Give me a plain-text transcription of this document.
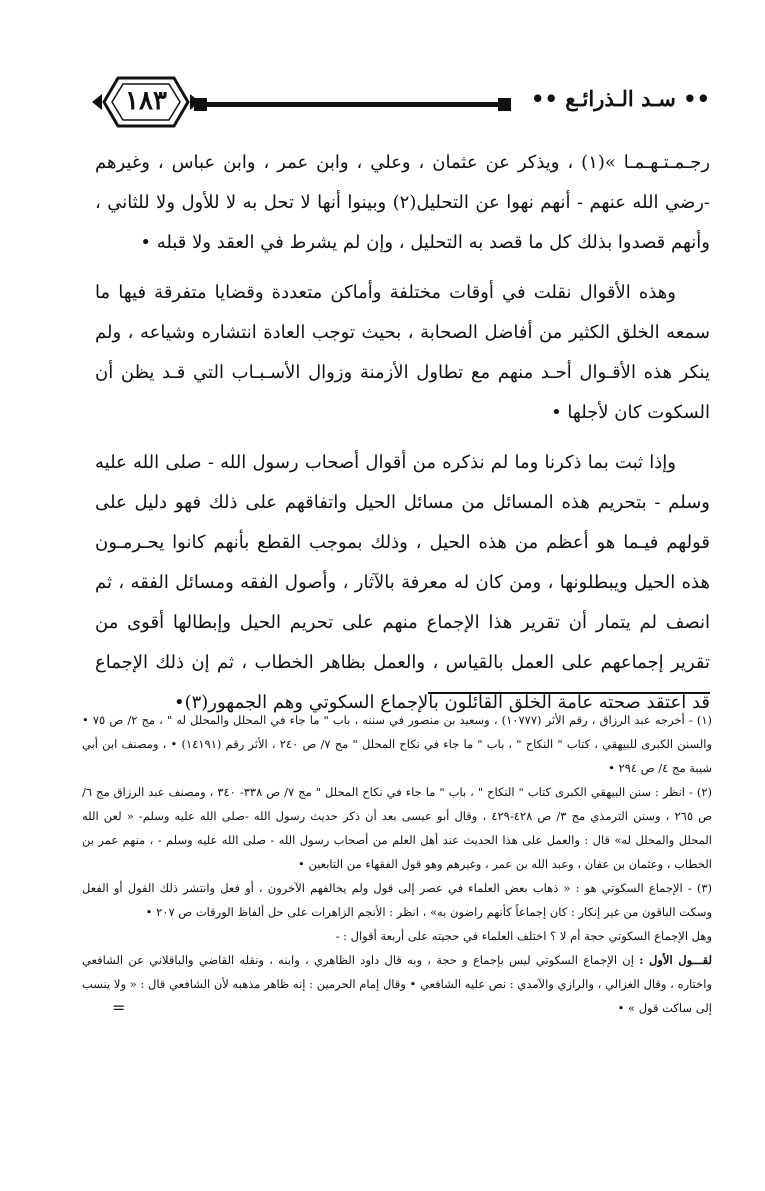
•• سـد الـذرائـع ••
١٨٣

رجـمـتـهـمـا »(١) ، ويذكر عن عثمان ، وعلي ، وابن عمر ، وابن عباس ، وغيرهم -رضي الله عنهم - أنهم نهوا عن التحليل(٢) وبينوا أنها لا تحل به لا للأول ولا للثاني ، وأنهم قصدوا بذلك كل ما قصد به التحليل ، وإن لم يشرط في العقد ولا قبله •

وهذه الأقوال نقلت في أوقات مختلفة وأماكن متعددة وقضايا متفرقة فيها ما سمعه الخلق الكثير من أفاضل الصحابة ، بحيث توجب العادة انتشاره وشياعه ، ولم ينكر هذه الأقـوال أحـد منهم مع تطاول الأزمنة وزوال الأسـبـاب التي قـد يظن أن السكوت كان لأجلها •

وإذا ثبت بما ذكرنا وما لم نذكره من أقوال أصحاب رسول الله - صلى الله عليه وسلم - بتحريم هذه المسائل من مسائل الحيل واتفاقهم على ذلك فهو دليل على قولهم فيـما هو أعظم من هذه الحيل ، وذلك بموجب القطع بأنهم كانوا يحـرمـون هذه الحيل ويبطلونها ، ومن كان له معرفة بالآثار ، وأصول الفقه ومسائل الفقه ، ثم انصف لم يتمار أن تقرير هذا الإجماع منهم على تحريم الحيل وإبطالها أقوى من تقرير إجماعهم على العمل بالقياس ، والعمل بظاهر الخطاب ، ثم إن ذلك الإجماع قد اعتقد صحته عامة الخلق القائلون بالإجماع السكوتي وهم الجمهور(٣)•

(١) - أخرجه عبد الرزاق ، رقم الأثر (١٠٧٧٧) ، وسعيد بن منصور في سننه ، باب " ما جاء في المحلل والمحلل له " ، مج ٢/ ص ٧٥ • والسنن الكبرى للبيهقي ، كتاب " النكاح " ، باب " ما جاء في نكاح المحلل " مج ٧/ ص ٢٤٠ ، الأثر رقم (١٤١٩١) • ، ومصنف ابن أبي شيبة مج ٤/ ص ٢٩٤ •

(٢) - انظر : سنن البيهقي الكبرى كتاب " النكاح " ، باب " ما جاء في نكاح المحلل " مج ٧/ ص ٣٣٨- ٣٤٠ ، ومصنف عبد الرزاق مج ٦/ ص ٢٦٥ ، وسنن الترمذي مج ٣/ ص ٤٢٨-٤٢٩ ، وقال أبو عيسى بعد أن ذكر حديث رسول الله -صلى الله عليه وسلم- « لعن الله المحلل والمحلل له» قال : والعمل على هذا الحديث عند أهل العلم من أصحاب رسول الله - صلى الله عليه وسلم - ، منهم عمر بن الخطاب ، وعثمان بن عفان ، وعبد الله بن عمر ، وغيرهم وهو قول الفقهاء من التابعين •

(٣) - الإجماع السكوتي هو : « ذهاب بعض العلماء في عصر إلى قول ولم يخالفهم الآخرون ، أو فعل وانتشر ذلك القول أو الفعل وسكت الباقون من غير إنكار : كان إجماعاً كأنهم راضون به» ، انظر : الأنجم الزاهرات على حل ألفاظ الورقات ص ٢٠٧ •

وهل الإجماع السكوتي حجة أم لا ؟ اختلف العلماء في حجيته على أربعة أقوال : -

لقـــول الأول : إن الإجماع السكوتي ليس بإجماع و حجة ، وبه قال داود الظاهري ، وابنه ، ونقله القاضي والباقلاني عن الشافعي واختاره ، وقال الغزالي ، والرازي والآمدي : نص عليه الشافعي • وقال إمام الحرمين : إنه ظاهر مذهبه لأن الشافعي قال : « ولا ينسب إلى ساكت قول » •

=
